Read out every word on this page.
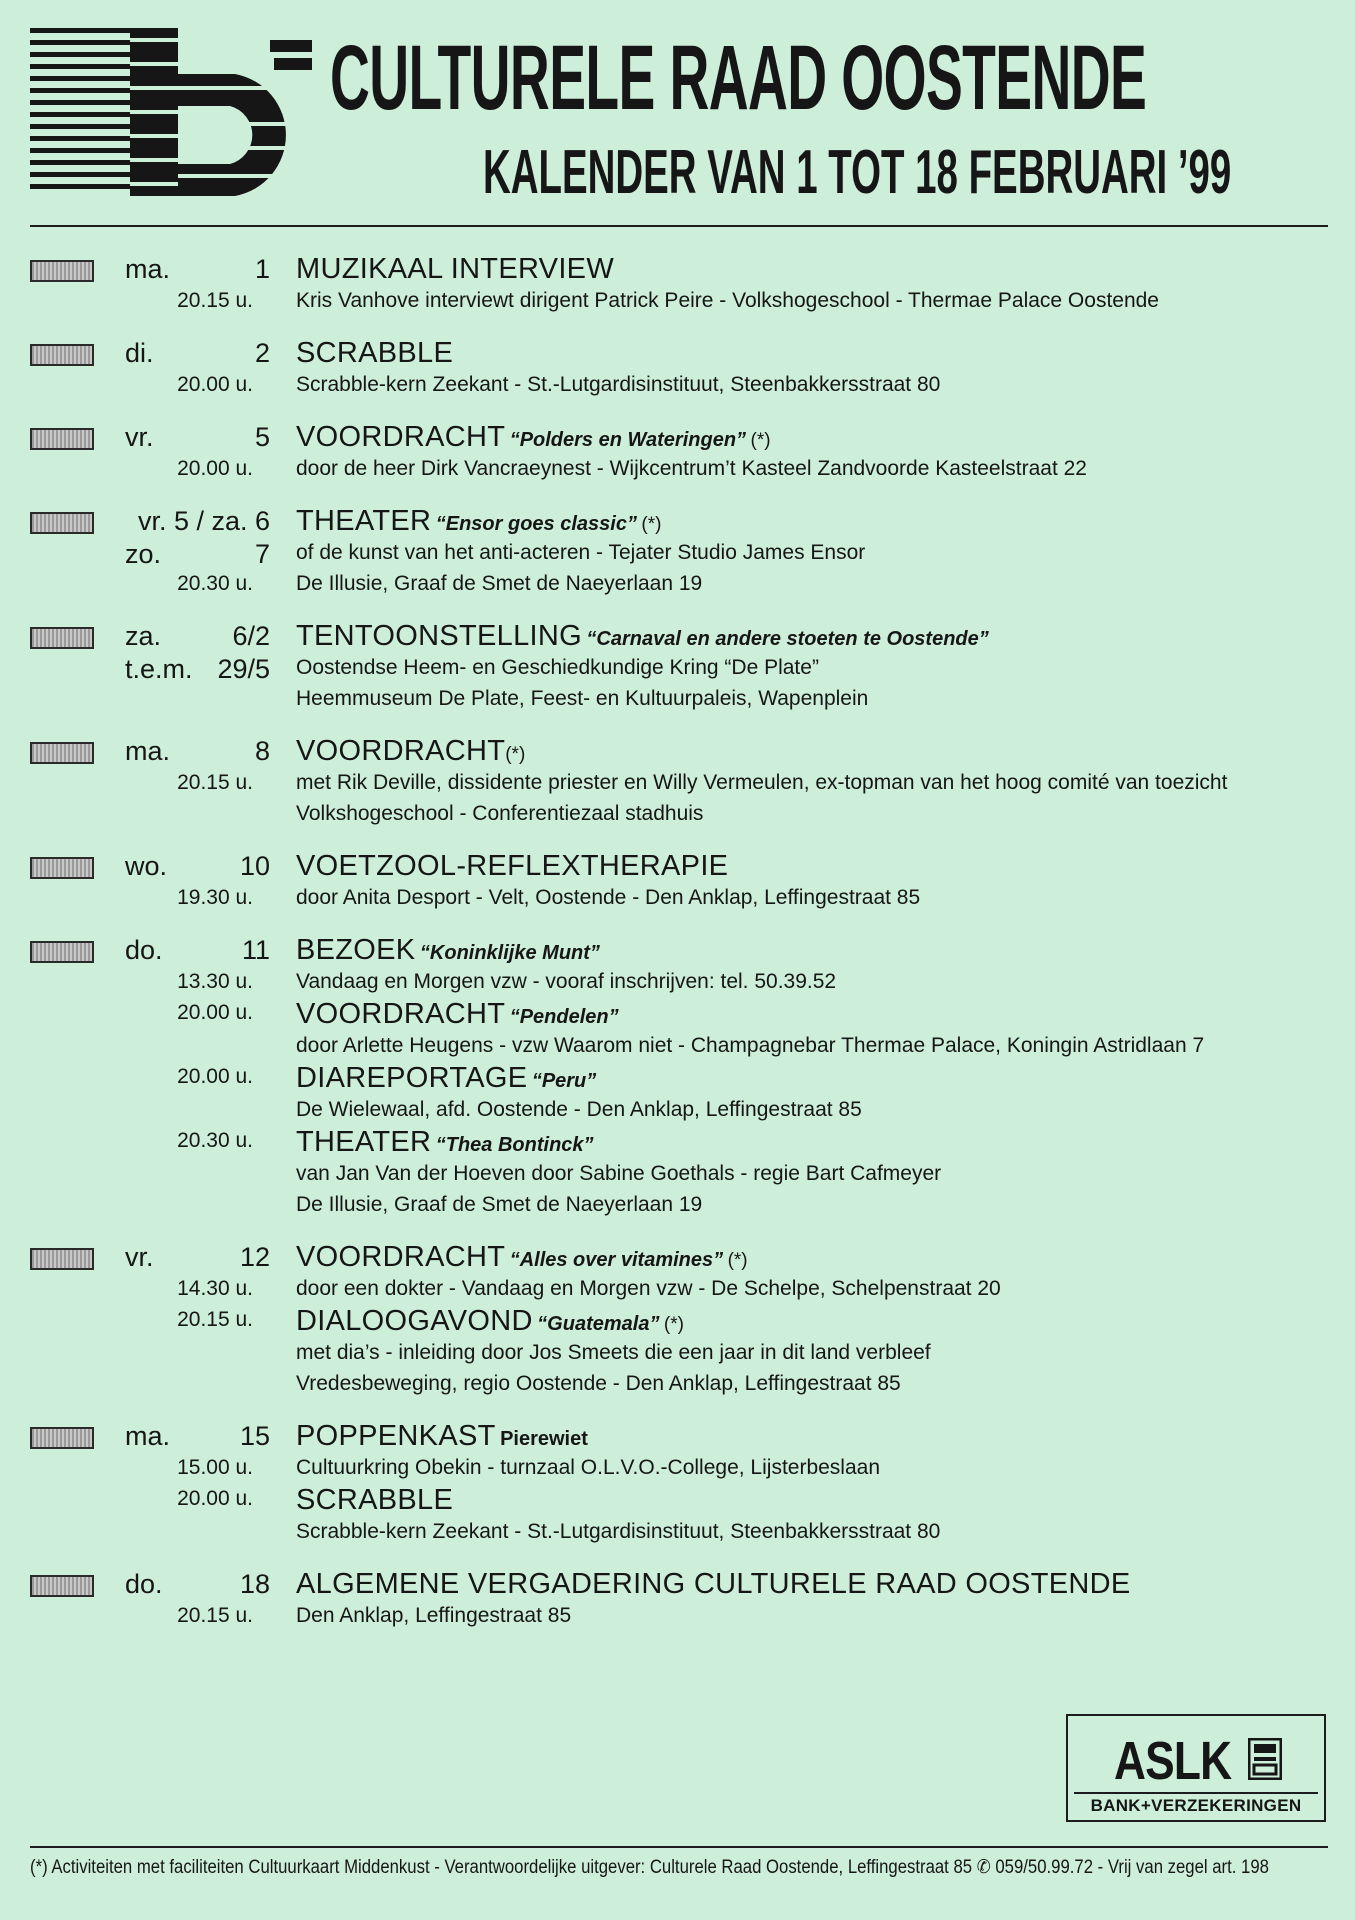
CULTURELE RAAD OOSTENDE
KALENDER VAN 1 TOT 18 FEBRUARI ’99
ma.	1 MUZIKAAL INTERVIEW
20.15 u. Kris Vanhove interviewt dirigent Patrick Peire - Volkshogeschool - Thermae Palace Oostende
di.	2 SCRABBLE
20.00 u. Scrabble-kern Zeekant - St.-Lutgardisinstituut, Steenbakkersstraat 80
vr.	5 VOORDRACHT “Polders en Wateringen” (*)
20.00 u. door de heer Dirk Vancraeynest - Wijkcentrum’t Kasteel Zandvoorde Kasteelstraat 22
vr. 5 / za. 6 THEATER “Ensor goes classic” (*)
zo.	7 of de kunst van het anti-acteren - Tejater Studio James Ensor
20.30 u. De Illusie, Graaf de Smet de Naeyerlaan 19
za.	6/2 TENTOONSTELLING “Carnaval en andere stoeten te Oostende”
t.e.m. 29/5 Oostendse Heem- en Geschiedkundige Kring “De Plate”
Heemmuseum De Plate, Feest- en Kultuurpaleis, Wapenplein
ma.	8 VOORDRACHT(*)
20.15 u. met Rik Deville, dissidente priester en Willy Vermeulen, ex-topman van het hoog comité van toezicht
Volkshogeschool - Conferentiezaal stadhuis
wo.	10 VOETZOOL-REFLEXTHERAPIE
19.30 u. door Anita Desport - Velt, Oostende - Den Anklap, Leffingestraat 85
do.	11 BEZOEK “Koninklijke Munt”
13.30 u. Vandaag en Morgen vzw - vooraf inschrijven: tel. 50.39.52
20.00 u. VOORDRACHT “Pendelen”
door Arlette Heugens - vzw Waarom niet - Champagnebar Thermae Palace, Koningin Astridlaan 7
20.00 u. DIAREPORTAGE “Peru”
De Wielewaal, afd. Oostende - Den Anklap, Leffingestraat 85
20.30 u. THEATER “Thea Bontinck”
van Jan Van der Hoeven door Sabine Goethals - regie Bart Cafmeyer
De Illusie, Graaf de Smet de Naeyerlaan 19
vr.	12 VOORDRACHT “Alles over vitamines” (*)
14.30 u. door een dokter - Vandaag en Morgen vzw - De Schelpe, Schelpenstraat 20
20.15 u. DIALOOGAVOND “Guatemala” (*)
met dia’s - inleiding door Jos Smeets die een jaar in dit land verbleef
Vredesbeweging, regio Oostende - Den Anklap, Leffingestraat 85
ma.	15 POPPENKAST Pierewiet
15.00 u. Cultuurkring Obekin - turnzaal O.L.V.O.-College, Lijsterbeslaan
20.00 u. SCRABBLE
Scrabble-kern Zeekant - St.-Lutgardisinstituut, Steenbakkersstraat 80
do.	18 ALGEMENE VERGADERING CULTURELE RAAD OOSTENDE
20.15 u. Den Anklap, Leffingestraat 85
ASLK
BANK+VERZEKERINGEN
(*) Activiteiten met faciliteiten Cultuurkaart Middenkust - Verantwoordelijke uitgever: Culturele Raad Oostende, Leffingestraat 85 ✆ 059/50.99.72 - Vrij van zegel art. 198
